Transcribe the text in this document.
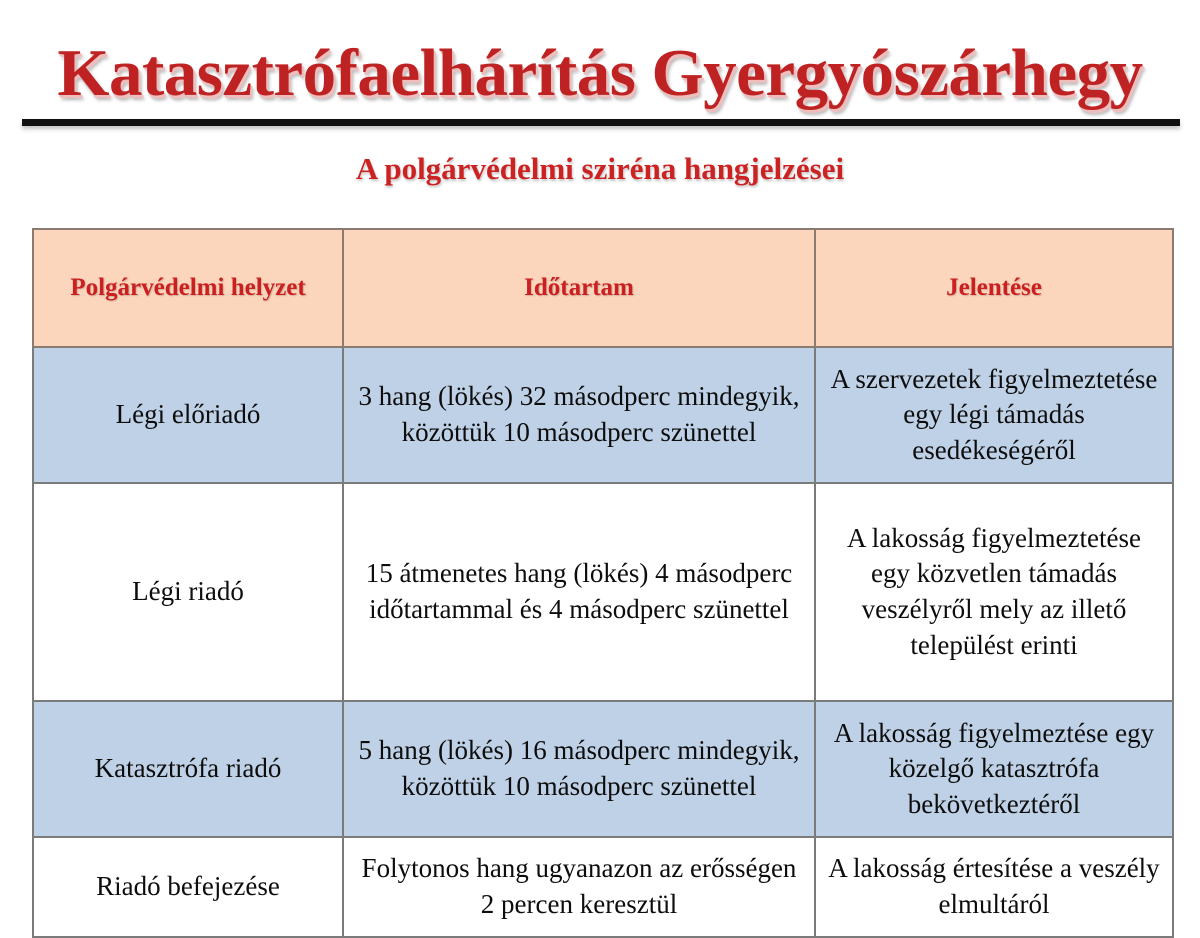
Katasztrófaelhárítás Gyergyószárhegy
A polgárvédelmi sziréna hangjelzései
Polgárvédelmi helyzet	Időtartam	Jelentése
Légi előriadó	3 hang (lökés) 32 másodperc mindegyik, közöttük 10 másodperc szünettel	A szervezetek figyelmeztetése egy légi támadás esedékeségéről
Légi riadó	15 átmenetes hang (lökés) 4 másodperc időtartammal és 4 másodperc szünettel	A lakosság figyelmeztetése egy közvetlen támadás veszélyről mely az illető települést erinti
Katasztrófa riadó	5 hang (lökés) 16 másodperc mindegyik, közöttük 10 másodperc szünettel	A lakosság figyelmeztése egy közelgő katasztrófa bekövetkeztéről
Riadó befejezése	Folytonos hang ugyanazon az erősségen 2 percen keresztül	A lakosság értesítése a veszély elmultáról
